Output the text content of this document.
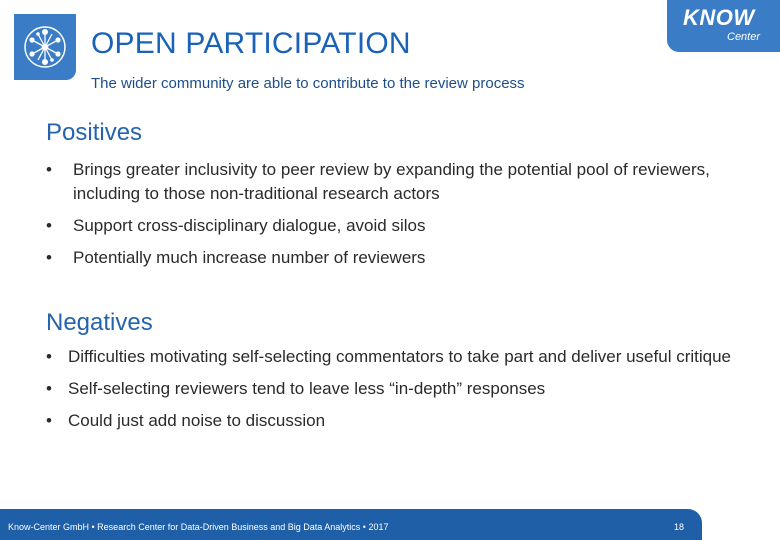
KNOW
Center
OPEN PARTICIPATION
The wider community are able to contribute to the review process
Positives
•	Brings greater inclusivity to peer review by expanding the potential pool of reviewers, including to those non-traditional research actors
•	Support cross-disciplinary dialogue, avoid silos
•	Potentially much increase number of reviewers
Negatives
• Difficulties motivating self-selecting commentators to take part and deliver useful critique
• Self-selecting reviewers tend to leave less “in-depth” responses
• Could just add noise to discussion
Know-Center GmbH • Research Center for Data-Driven Business and Big Data Analytics • 2017	18
